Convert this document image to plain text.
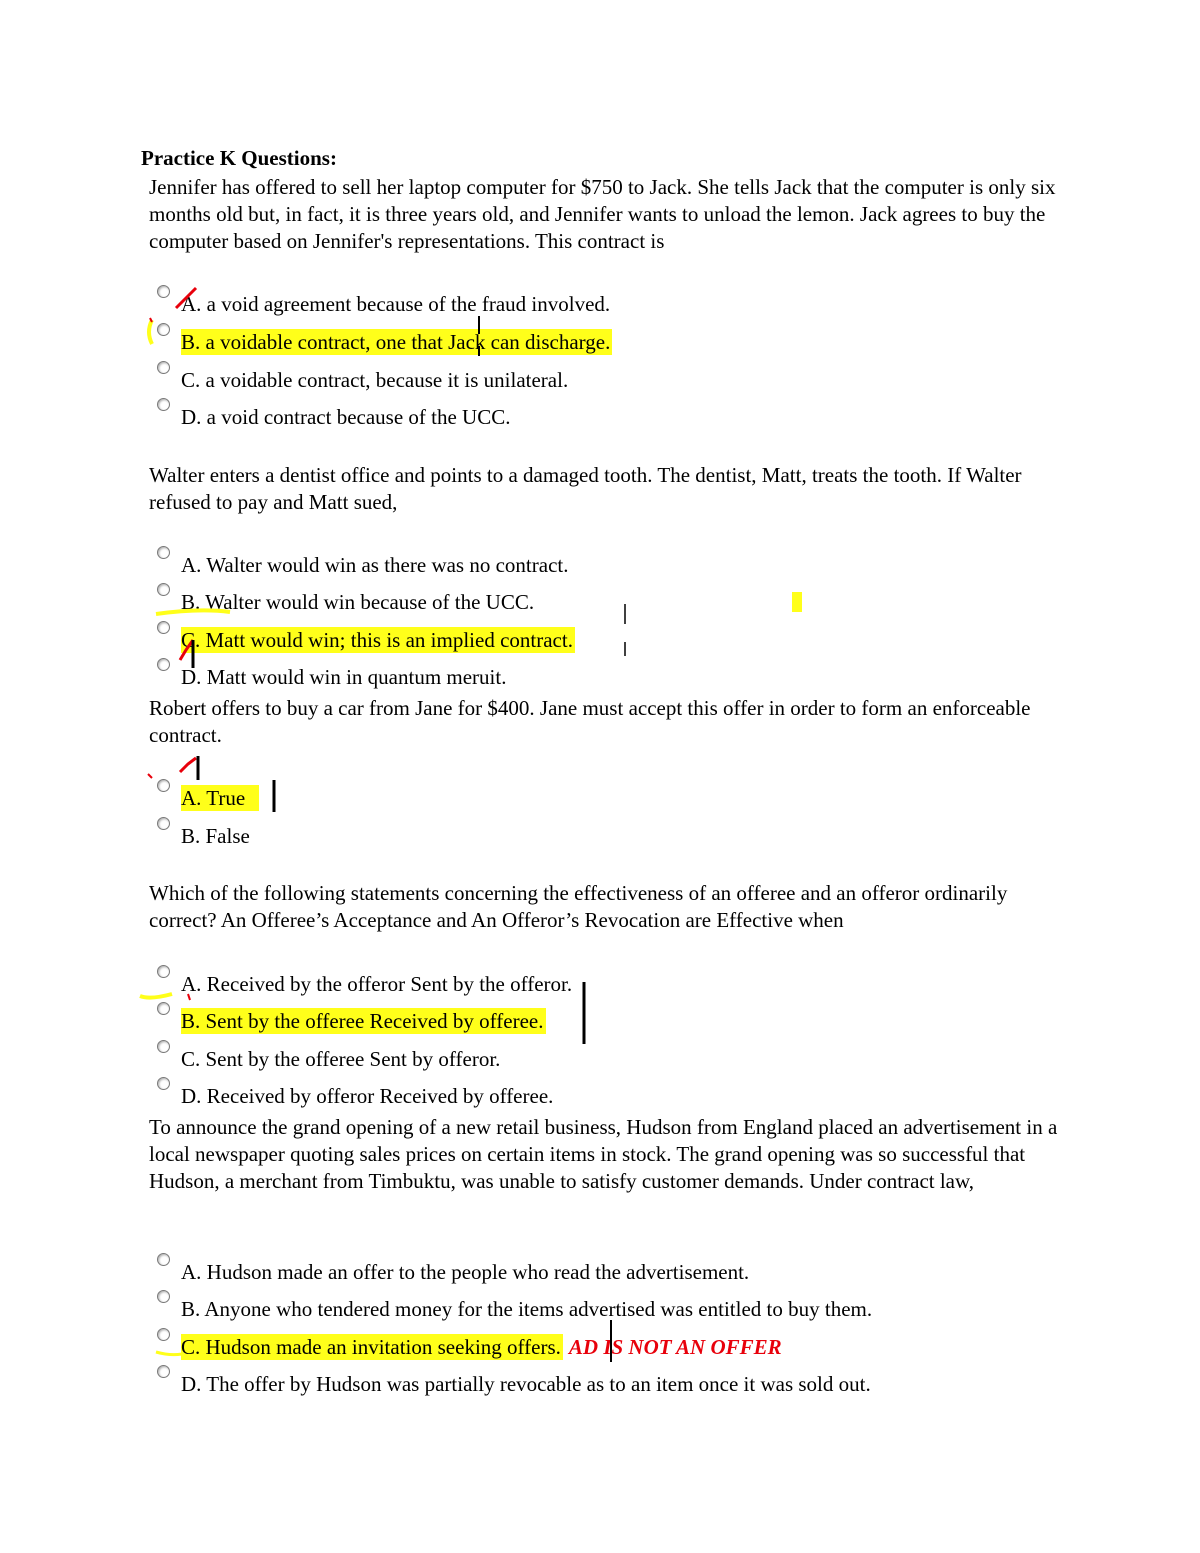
Practice K Questions:
Jennifer has offered to sell her laptop computer for $750 to Jack. She tells Jack that the computer is only six months old but, in fact, it is three years old, and Jennifer wants to unload the lemon. Jack agrees to buy the computer based on Jennifer's representations. This contract is
A. a void agreement because of the fraud involved.
B. a voidable contract, one that Jack can discharge.
C. a voidable contract, because it is unilateral.
D. a void contract because of the UCC.
Walter enters a dentist office and points to a damaged tooth. The dentist, Matt, treats the tooth. If Walter refused to pay and Matt sued,
A. Walter would win as there was no contract.
B. Walter would win because of the UCC.
C. Matt would win; this is an implied contract.
D. Matt would win in quantum meruit.
Robert offers to buy a car from Jane for $400. Jane must accept this offer in order to form an enforceable contract.
A. True
B. False
Which of the following statements concerning the effectiveness of an offeree and an offeror ordinarily correct? An Offeree’s Acceptance and An Offeror’s Revocation are Effective when
A. Received by the offeror Sent by the offeror.
B. Sent by the offeree Received by offeree.
C. Sent by the offeree Sent by offeror.
D. Received by offeror Received by offeree.
To announce the grand opening of a new retail business, Hudson from England placed an advertisement in a local newspaper quoting sales prices on certain items in stock. The grand opening was so successful that Hudson, a merchant from Timbuktu, was unable to satisfy customer demands. Under contract law,
A. Hudson made an offer to the people who read the advertisement.
B. Anyone who tendered money for the items advertised was entitled to buy them.
C. Hudson made an invitation seeking offers. AD IS NOT AN OFFER
D. The offer by Hudson was partially revocable as to an item once it was sold out.
